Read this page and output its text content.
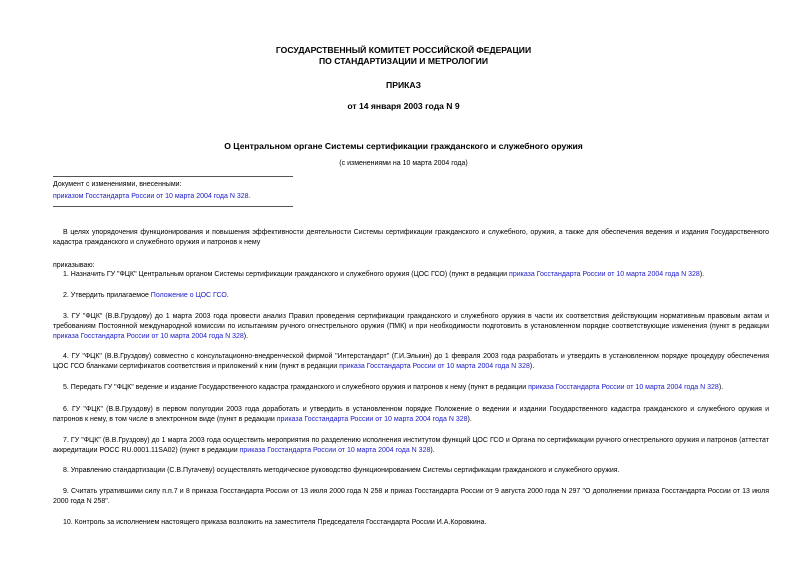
ГОСУДАРСТВЕННЫЙ КОМИТЕТ РОССИЙСКОЙ ФЕДЕРАЦИИ
ПО СТАНДАРТИЗАЦИИ И МЕТРОЛОГИИ
ПРИКАЗ
от 14 января 2003 года N 9
О Центральном органе Системы сертификации гражданского и служебного оружия
(с изменениями на 10 марта 2004 года)
Документ с изменениями, внесенными:
приказом Госстандарта России от 10 марта 2004 года N 328.
В целях упорядочения функционирования и повышения эффективности деятельности Системы сертификации гражданского и служебного, оружия, а также для обеспечения ведения и издания Государственного кадастра гражданского и служебного оружия и патронов к нему
приказываю:
1. Назначить ГУ "ФЦК" Центральным органом Системы сертификации гражданского и служебного оружия (ЦОС ГСО) (пункт в редакции приказа Госстандарта России от 10 марта 2004 года N 328).
2. Утвердить прилагаемое Положение о ЦОС ГСО.
3. ГУ "ФЦК" (В.В.Груздову) до 1 марта 2003 года провести анализ Правил проведения сертификации гражданского и служебного оружия в части их соответствия действующим нормативным правовым актам и требованиям Постоянной международной комиссии по испытаниям ручного огнестрельного оружия (ПМК) и при необходимости подготовить в установленном порядке соответствующие изменения (пункт в редакции приказа Госстандарта России от 10 марта 2004 года N 328).
4. ГУ "ФЦК" (В.В.Груздову) совместно с консультационно-внедренческой фирмой "Интерстандарт" (Г.И.Элькин) до 1 февраля 2003 года разработать и утвердить в установленном порядке процедуру обеспечения ЦОС ГСО бланками сертификатов соответствия и приложений к ним (пункт в редакции приказа Госстандарта России от 10 марта 2004 года N 328).
5. Передать ГУ "ФЦК" ведение и издание Государственного кадастра гражданского и служебного оружия и патронов к нему (пункт в редакции приказа Госстандарта России от 10 марта 2004 года N 328).
6. ГУ "ФЦК" (В.В.Груздову) в первом полугодии 2003 года доработать и утвердить в установленном порядке Положение о ведении и издании Государственного кадастра гражданского и служебного оружия и патронов к нему, в том числе в электронном виде (пункт в редакции приказа Госстандарта России от 10 марта 2004 года N 328).
7. ГУ "ФЦК" (В.В.Груздову) до 1 марта 2003 года осуществить мероприятия по разделению исполнения институтом функций ЦОС ГСО и Органа по сертификации ручного огнестрельного оружия и патронов (аттестат аккредитации РОСС RU.0001.11SA02) (пункт в редакции приказа Госстандарта России от 10 марта 2004 года N 328).
8. Управлению стандартизации (С.В.Пугачеву) осуществлять методическое руководство функционированием Системы сертификации гражданского и служебного оружия.
9. Считать утратившими силу п.п.7 и 8 приказа Госстандарта России от 13 июля 2000 года N 258 и приказ Госстандарта России от 9 августа 2000 года N 297 "О дополнении приказа Госстандарта России от 13 июля 2000 года N 258".
10. Контроль за исполнением настоящего приказа возложить на заместителя Председателя Госстандарта России И.А.Коровкина.
